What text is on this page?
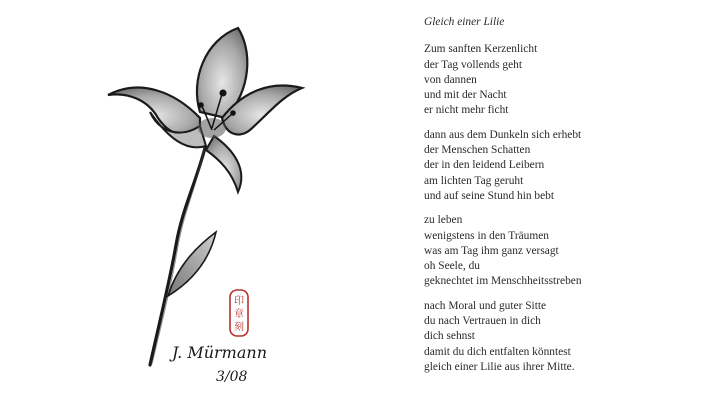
印
章
刻
J. Mürmann
3/08
Gleich einer Lilie
Zum sanften Kerzenlicht
der Tag vollends geht
von dannen
und mit der Nacht
er nicht mehr ficht
dann aus dem Dunkeln sich erhebt
der Menschen Schatten
der in den leidend Leibern
am lichten Tag geruht
und auf seine Stund hin bebt
zu leben
wenigstens in den Träumen
was am Tag ihm ganz versagt
oh Seele, du
geknechtet im Menschheitsstreben
nach Moral und guter Sitte
du nach Vertrauen in dich
dich sehnst
damit du dich entfalten könntest
gleich einer Lilie aus ihrer Mitte.
